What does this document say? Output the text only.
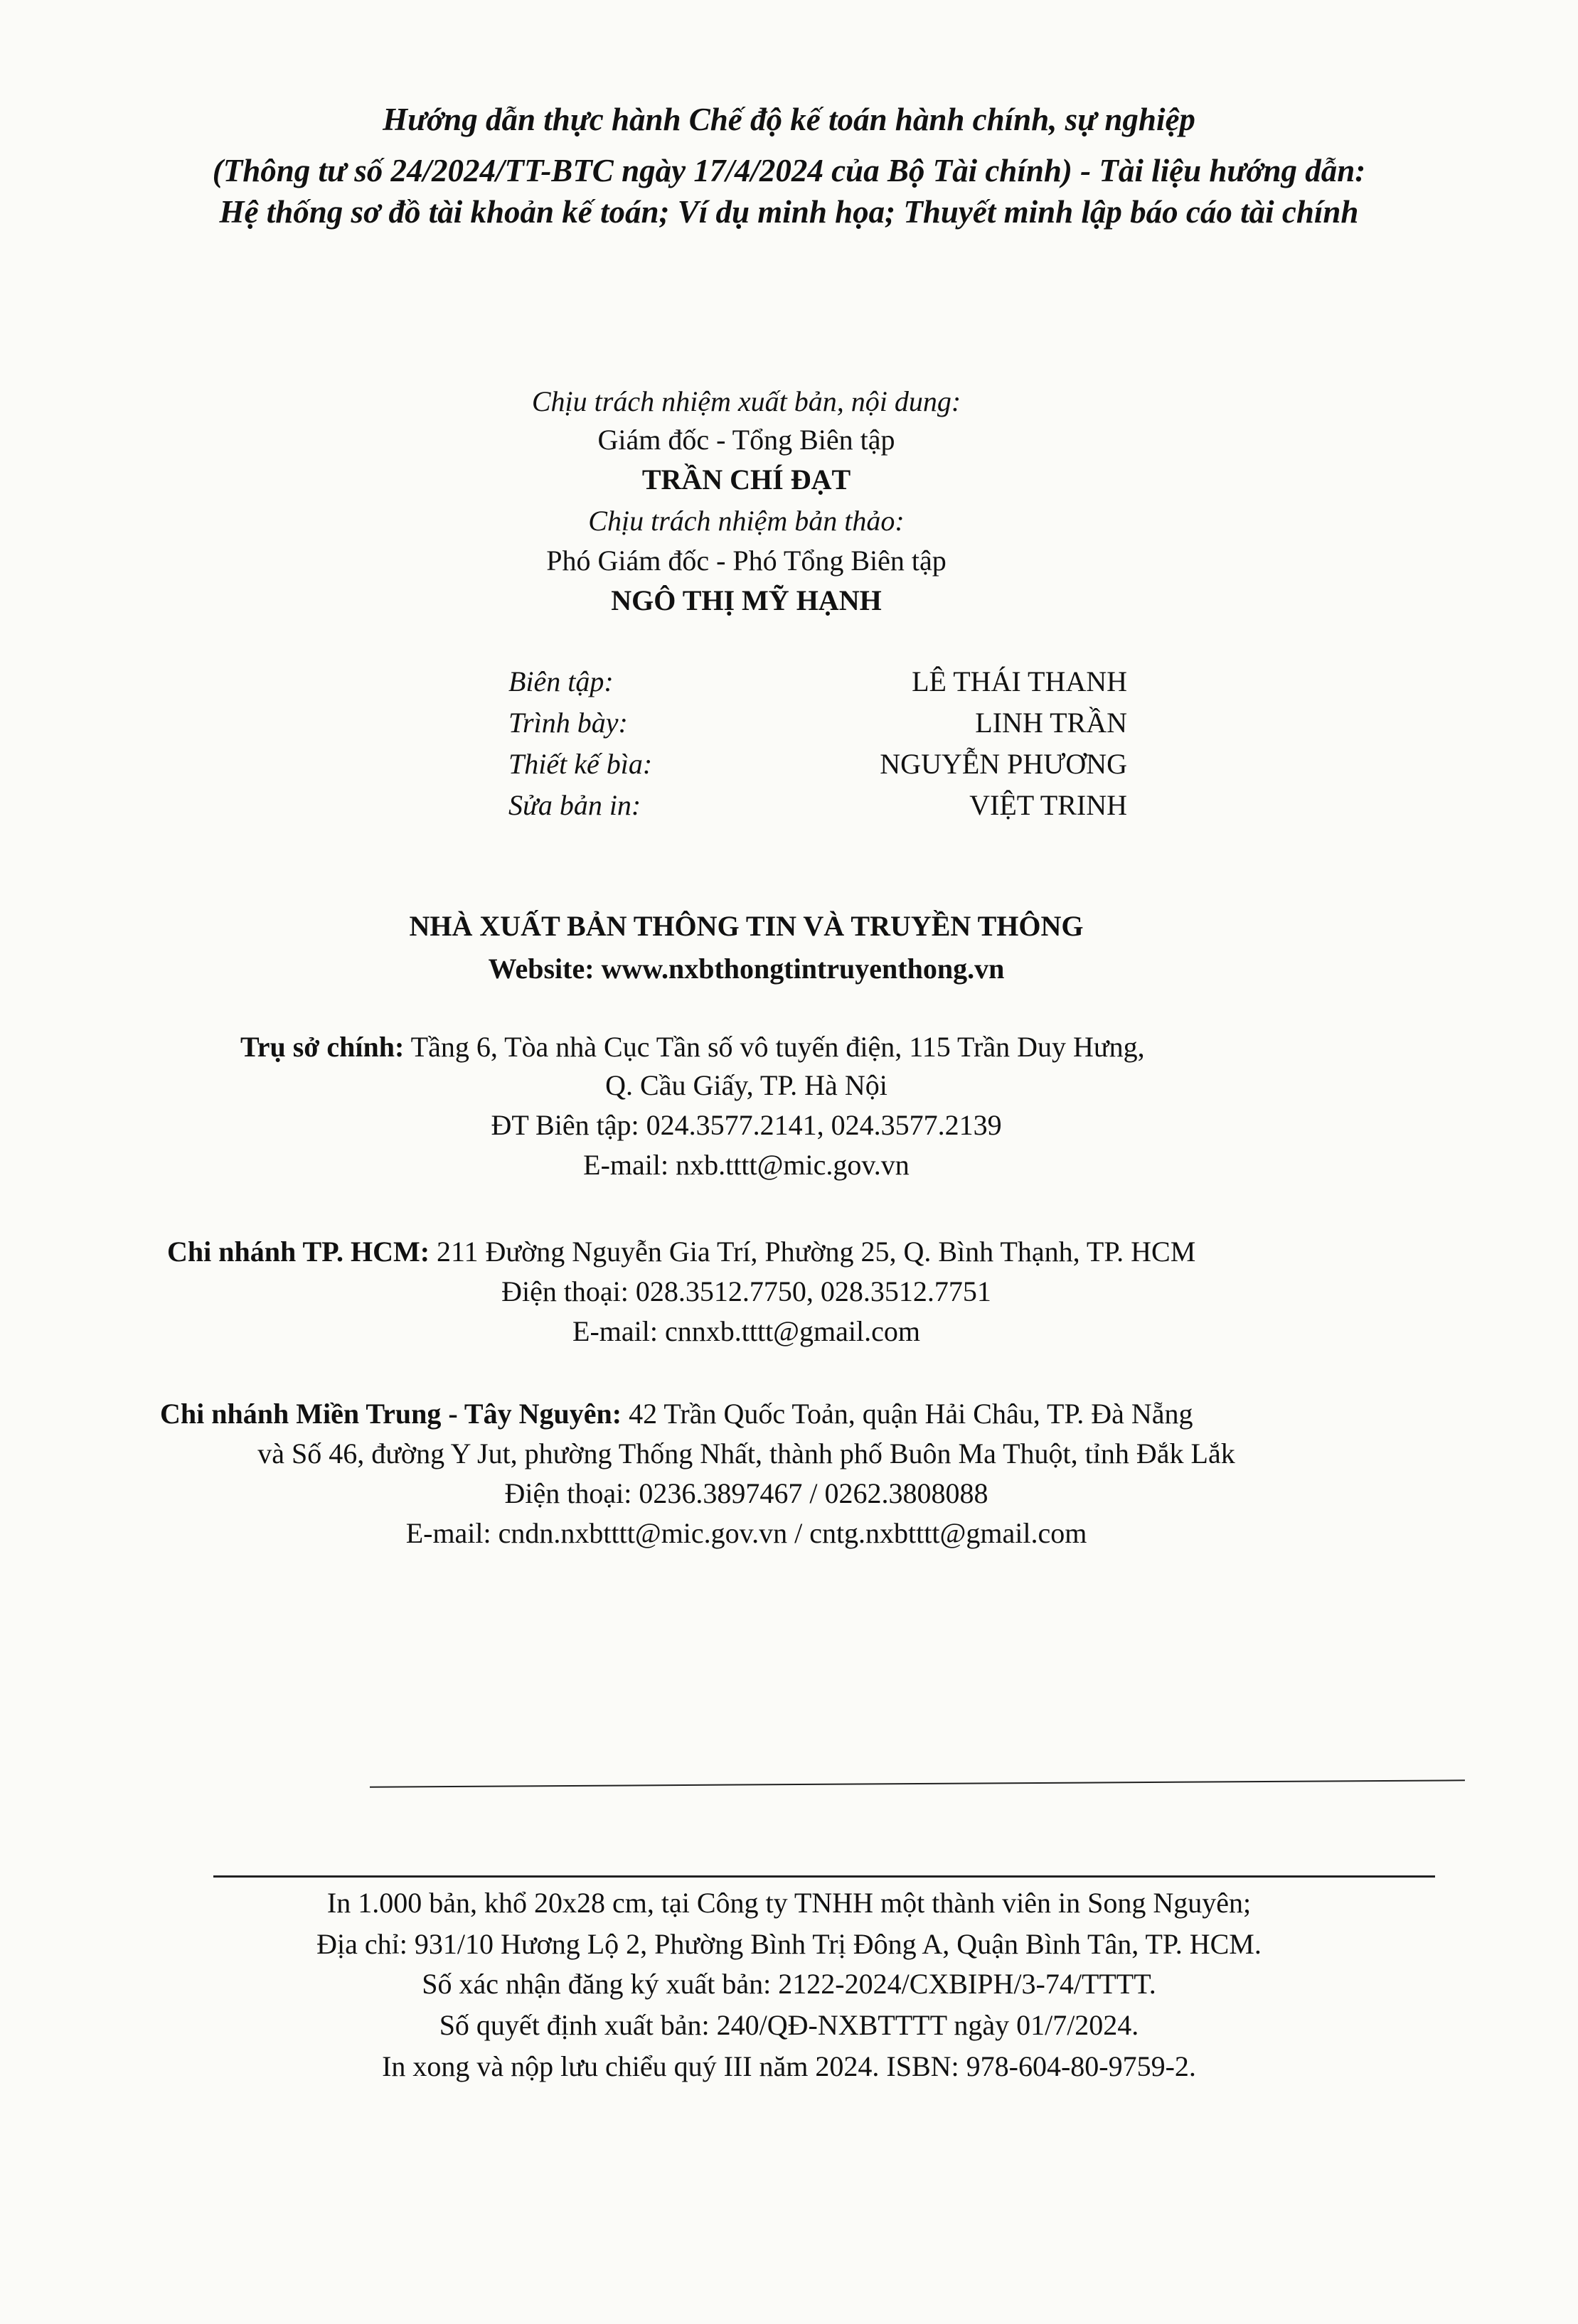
Hướng dẫn thực hành Chế độ kế toán hành chính, sự nghiệp
(Thông tư số 24/2024/TT-BTC ngày 17/4/2024 của Bộ Tài chính) - Tài liệu hướng dẫn:
Hệ thống sơ đồ tài khoản kế toán; Ví dụ minh họa; Thuyết minh lập báo cáo tài chính
Chịu trách nhiệm xuất bản, nội dung:
Giám đốc - Tổng Biên tập
TRẦN CHÍ ĐẠT
Chịu trách nhiệm bản thảo:
Phó Giám đốc - Phó Tổng Biên tập
NGÔ THỊ MỸ HẠNH
Biên tập:	LÊ THÁI THANH
Trình bày:	LINH TRẦN
Thiết kế bìa:	NGUYỄN PHƯƠNG
Sửa bản in:	VIỆT TRINH
NHÀ XUẤT BẢN THÔNG TIN VÀ TRUYỀN THÔNG
Website: www.nxbthongtintruyenthong.vn
Trụ sở chính: Tầng 6, Tòa nhà Cục Tần số vô tuyến điện, 115 Trần Duy Hưng,
Q. Cầu Giấy, TP. Hà Nội
ĐT Biên tập: 024.3577.2141, 024.3577.2139
E-mail: nxb.tttt@mic.gov.vn
Chi nhánh TP. HCM: 211 Đường Nguyễn Gia Trí, Phường 25, Q. Bình Thạnh, TP. HCM
Điện thoại: 028.3512.7750, 028.3512.7751
E-mail: cnnxb.tttt@gmail.com
Chi nhánh Miền Trung - Tây Nguyên: 42 Trần Quốc Toản, quận Hải Châu, TP. Đà Nẵng
và Số 46, đường Y Jut, phường Thống Nhất, thành phố Buôn Ma Thuột, tỉnh Đắk Lắk
Điện thoại: 0236.3897467 / 0262.3808088
E-mail: cndn.nxbtttt@mic.gov.vn / cntg.nxbtttt@gmail.com
In 1.000 bản, khổ 20x28 cm, tại Công ty TNHH một thành viên in Song Nguyên;
Địa chỉ: 931/10 Hương Lộ 2, Phường Bình Trị Đông A, Quận Bình Tân, TP. HCM.
Số xác nhận đăng ký xuất bản: 2122-2024/CXBIPH/3-74/TTTT.
Số quyết định xuất bản: 240/QĐ-NXBTTTT ngày 01/7/2024.
In xong và nộp lưu chiểu quý III năm 2024. ISBN: 978-604-80-9759-2.
